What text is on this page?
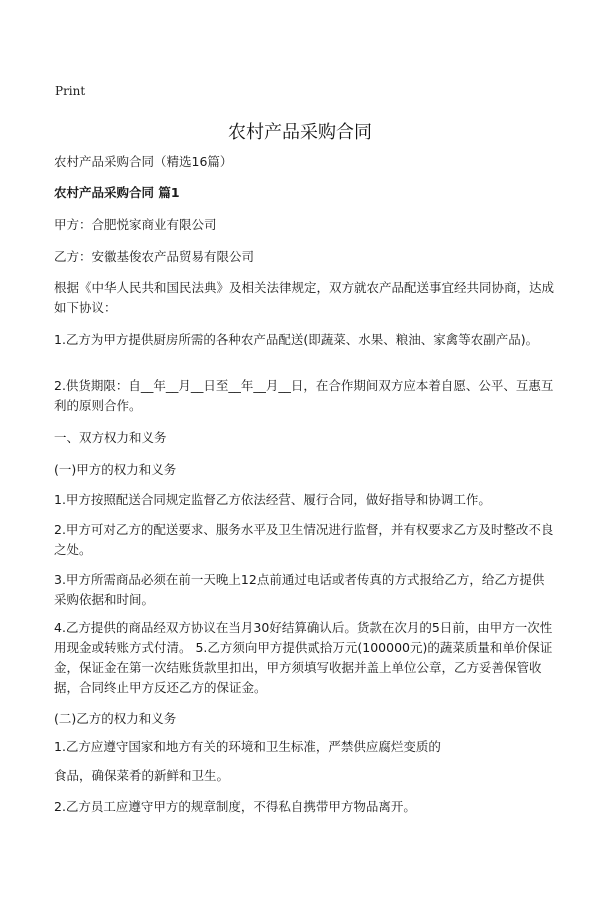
Print
农村产品采购合同
农村产品采购合同（精选16篇）
农村产品采购合同 篇1
甲方：合肥悦家商业有限公司
乙方：安徽基俊农产品贸易有限公司
根据《中华人民共和国民法典》及相关法律规定，双方就农产品配送事宜经共同协商，达成如下协议：
1.乙方为甲方提供厨房所需的各种农产品配送(即蔬菜、水果、粮油、家禽等农副产品)。
2.供货期限：自__年__月__日至__年__月__日，在合作期间双方应本着自愿、公平、互惠互利的原则合作。
一、双方权力和义务
(一)甲方的权力和义务
1.甲方按照配送合同规定监督乙方依法经营、履行合同，做好指导和协调工作。
2.甲方可对乙方的配送要求、服务水平及卫生情况进行监督，并有权要求乙方及时整改不良之处。
3.甲方所需商品必须在前一天晚上12点前通过电话或者传真的方式报给乙方，给乙方提供采购依据和时间。
4.乙方提供的商品经双方协议在当月30好结算确认后。货款在次月的5日前，由甲方一次性用现金或转账方式付清。 5.乙方须向甲方提供贰拾万元(100000元)的蔬菜质量和单价保证金，保证金在第一次结账货款里扣出，甲方须填写收据并盖上单位公章，乙方妥善保管收据，合同终止甲方反还乙方的保证金。
(二)乙方的权力和义务
1.乙方应遵守国家和地方有关的环境和卫生标准，严禁供应腐烂变质的
食品，确保菜肴的新鲜和卫生。
2.乙方员工应遵守甲方的规章制度，不得私自携带甲方物品离开。
